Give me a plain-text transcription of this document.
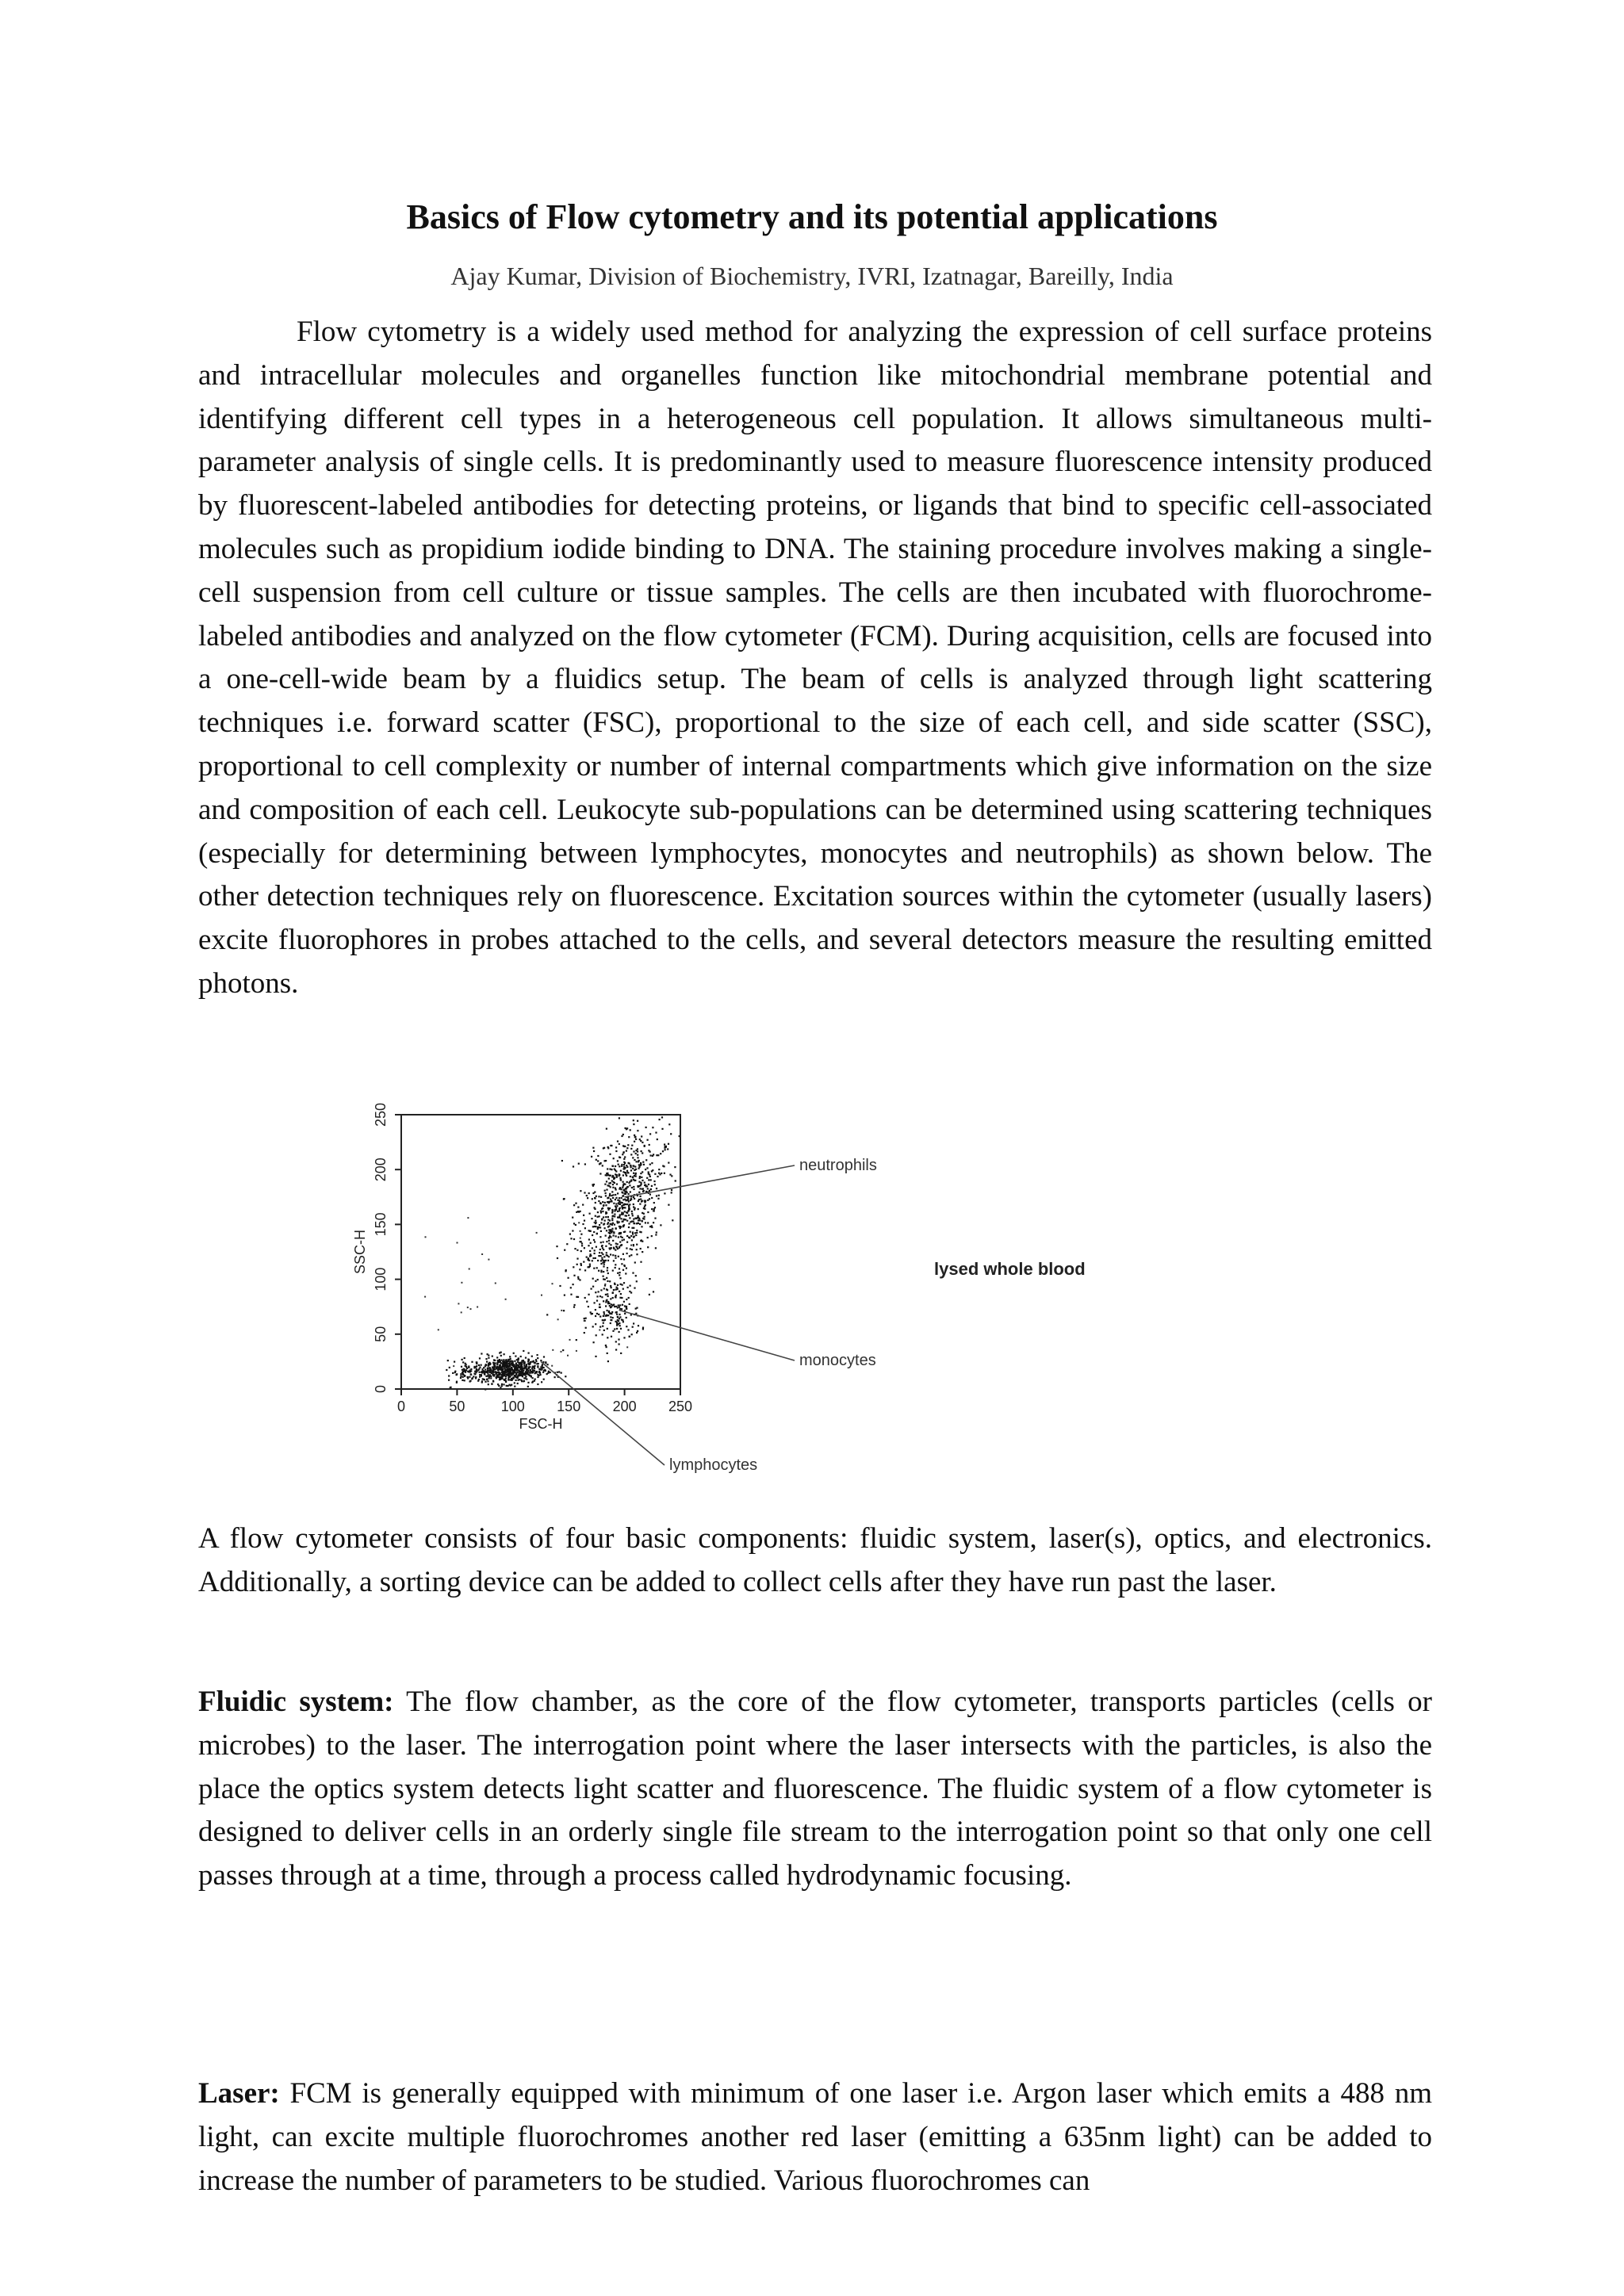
Basics of Flow cytometry and its potential applications

Ajay Kumar, Division of Biochemistry, IVRI, Izatnagar, Bareilly, India

Flow cytometry is a widely used method for analyzing the expression of cell surface proteins and intracellular molecules and organelles function like mitochondrial membrane potential and identifying different cell types in a heterogeneous cell population. It allows simultaneous multi-parameter analysis of single cells. It is predominantly used to measure fluorescence intensity produced by fluorescent-labeled antibodies for detecting proteins, or ligands that bind to specific cell-associated molecules such as propidium iodide binding to DNA. The staining procedure involves making a single-cell suspension from cell culture or tissue samples. The cells are then incubated with fluorochrome-labeled antibodies and analyzed on the flow cytometer (FCM). During acquisition, cells are focused into a one-cell-wide beam by a fluidics setup. The beam of cells is analyzed through light scattering techniques i.e. forward scatter (FSC), proportional to the size of each cell, and side scatter (SSC), proportional to cell complexity or number of internal compartments which give information on the size and composition of each cell. Leukocyte sub-populations can be determined using scattering techniques (especially for determining between lymphocytes, monocytes and neutrophils) as shown below. The other detection techniques rely on fluorescence. Excitation sources within the cytometer (usually lasers) excite fluorophores in probes attached to the cells, and several detectors measure the resulting emitted photons.

0	50	100 150 200 250
0
50
100
150
200
250
neutrophils
monocytes
lymphocytes
SSC-H
FSC-H
lysed whole blood

A flow cytometer consists of four basic components: fluidic system, laser(s), optics, and electronics. Additionally, a sorting device can be added to collect cells after they have run past the laser.

Fluidic system: The flow chamber, as the core of the flow cytometer, transports particles (cells or microbes) to the laser. The interrogation point where the laser intersects with the particles, is also the place the optics system detects light scatter and fluorescence. The fluidic system of a flow cytometer is designed to deliver cells in an orderly single file stream to the interrogation point so that only one cell passes through at a time, through a process called hydrodynamic focusing.

Laser: FCM is generally equipped with minimum of one laser i.e. Argon laser which emits a 488 nm light, can excite multiple fluorochromes another red laser (emitting a 635nm light) can be added to increase the number of parameters to be studied. Various fluorochromes can
